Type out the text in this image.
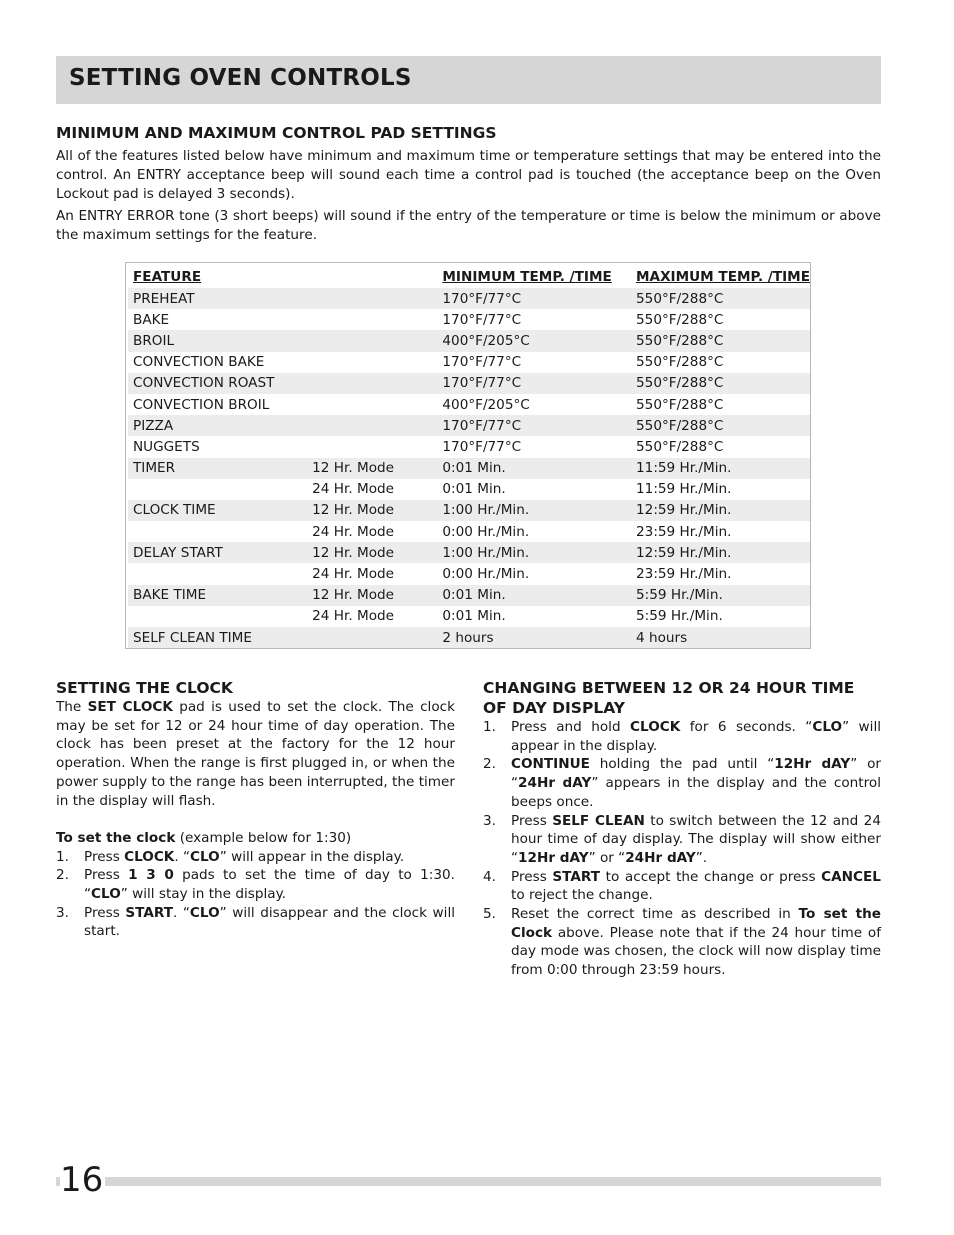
SETTING OVEN CONTROLS
MINIMUM AND MAXIMUM CONTROL PAD SETTINGS

All of the features listed below have minimum and maximum time or temperature settings that may be entered into the control. An ENTRY acceptance beep will sound each time a control pad is touched (the acceptance beep on the Oven Lockout pad is delayed 3 seconds).

An ENTRY ERROR tone (3 short beeps) will sound if the entry of the temperature or time is below the minimum or above the maximum settings for the feature.

FEATURE		MINIMUM TEMP. /TIME	MAXIMUM TEMP. /TIME
PREHEAT		170°F/77°C	550°F/288°C
BAKE		170°F/77°C	550°F/288°C
BROIL		400°F/205°C	550°F/288°C
CONVECTION BAKE		170°F/77°C	550°F/288°C
CONVECTION ROAST		170°F/77°C	550°F/288°C
CONVECTION BROIL		400°F/205°C	550°F/288°C
PIZZA		170°F/77°C	550°F/288°C
NUGGETS		170°F/77°C	550°F/288°C
TIMER	12 Hr. Mode	0:01 Min.	11:59 Hr./Min.
	24 Hr. Mode	0:01 Min.	11:59 Hr./Min.
CLOCK TIME	12 Hr. Mode	1:00 Hr./Min.	12:59 Hr./Min.
	24 Hr. Mode	0:00 Hr./Min.	23:59 Hr./Min.
DELAY START	12 Hr. Mode	1:00 Hr./Min.	12:59 Hr./Min.
	24 Hr. Mode	0:00 Hr./Min.	23:59 Hr./Min.
BAKE TIME	12 Hr. Mode	0:01 Min.	5:59 Hr./Min.
	24 Hr. Mode	0:01 Min.	5:59 Hr./Min.
SELF CLEAN TIME		2 hours	4 hours
SETTING THE CLOCK

The SET CLOCK pad is used to set the clock. The clock may be set for 12 or 24 hour time of day operation. The clock has been preset at the factory for the 12 hour operation. When the range is first plugged in, or when the power supply to the range has been interrupted, the timer in the display will flash.

To set the clock (example below for 1:30)

1. Press CLOCK. “CLO” will appear in the display.
2. Press 1 3 0 pads to set the time of day to 1:30. “CLO” will stay in the display.
3. Press START. “CLO” will disappear and the clock will start.
CHANGING BETWEEN 12 OR 24 HOUR TIME OF DAY DISPLAY
1. Press and hold CLOCK for 6 seconds. “CLO” will appear in the display.
2. CONTINUE holding the pad until “12Hr dAY” or “24Hr dAY” appears in the display and the control beeps once.
3. Press SELF CLEAN to switch between the 12 and 24 hour time of day display. The display will show either “12Hr dAY” or “24Hr dAY”.
4. Press START to accept the change or press CANCEL to reject the change.
5. Reset the correct time as described in To set the Clock above. Please note that if the 24 hour time of day mode was chosen, the clock will now display time from 0:00 through 23:59 hours.
16
